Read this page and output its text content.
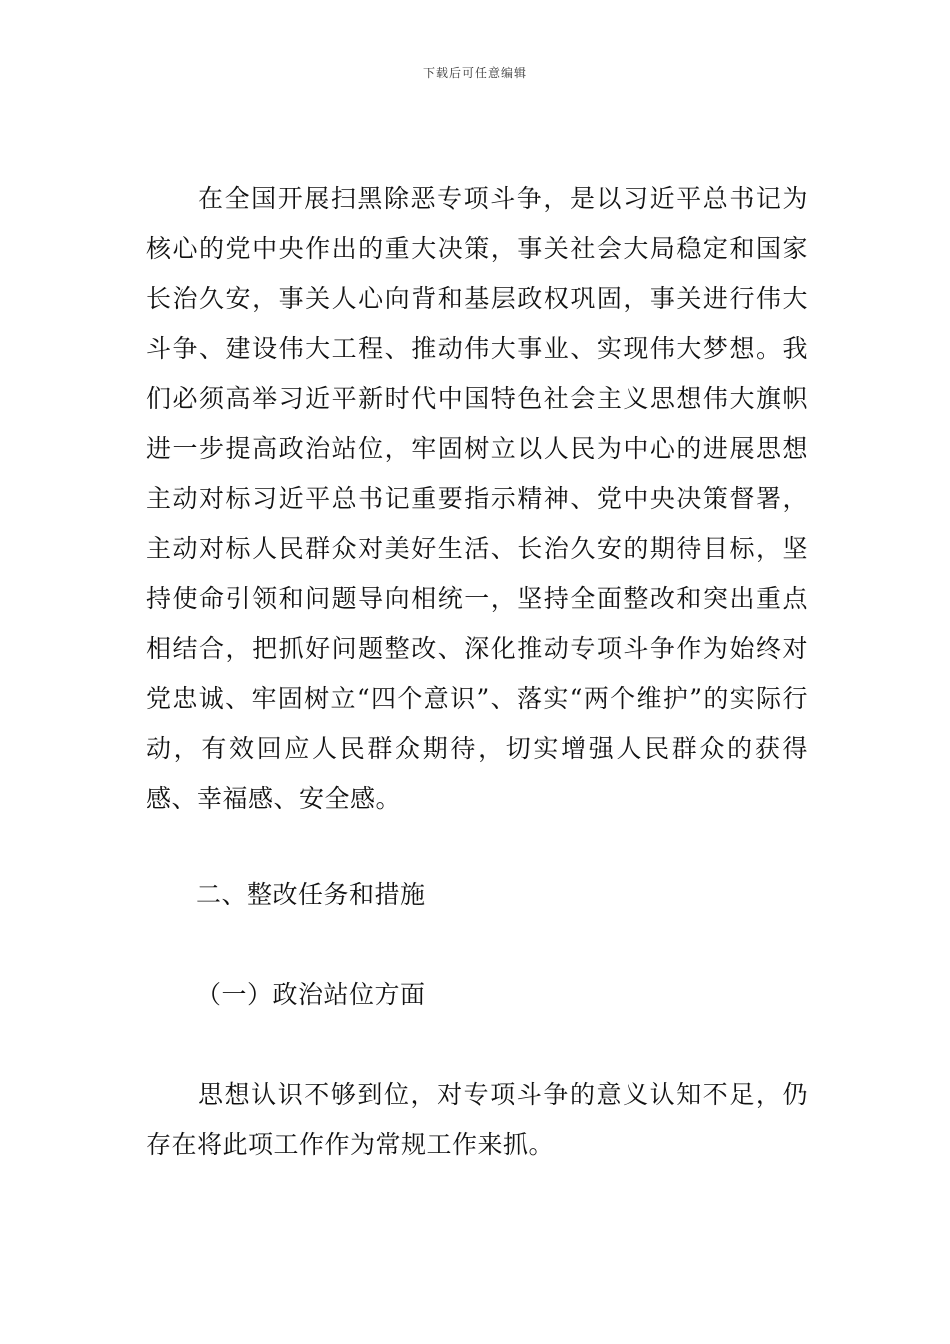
下载后可任意编辑

在全国开展扫黑除恶专项斗争，是以习近平总书记为核心的党中央作出的重大决策，事关社会大局稳定和国家长治久安，事关人心向背和基层政权巩固，事关进行伟大斗争、建设伟大工程、推动伟大事业、实现伟大梦想。我们必须高举习近平新时代中国特色社会主义思想伟大旗帜进一步提高政治站位，牢固树立以人民为中心的进展思想主动对标习近平总书记重要指示精神、党中央决策督署，主动对标人民群众对美好生活、长治久安的期待目标，坚持使命引领和问题导向相统一，坚持全面整改和突出重点相结合，把抓好问题整改、深化推动专项斗争作为始终对党忠诚、牢固树立“四个意识”、落实“两个维护”的实际行动，有效回应人民群众期待，切实增强人民群众的获得感、幸福感、安全感。

二、整改任务和措施

（一）政治站位方面

思想认识不够到位，对专项斗争的意义认知不足，仍存在将此项工作作为常规工作来抓。
